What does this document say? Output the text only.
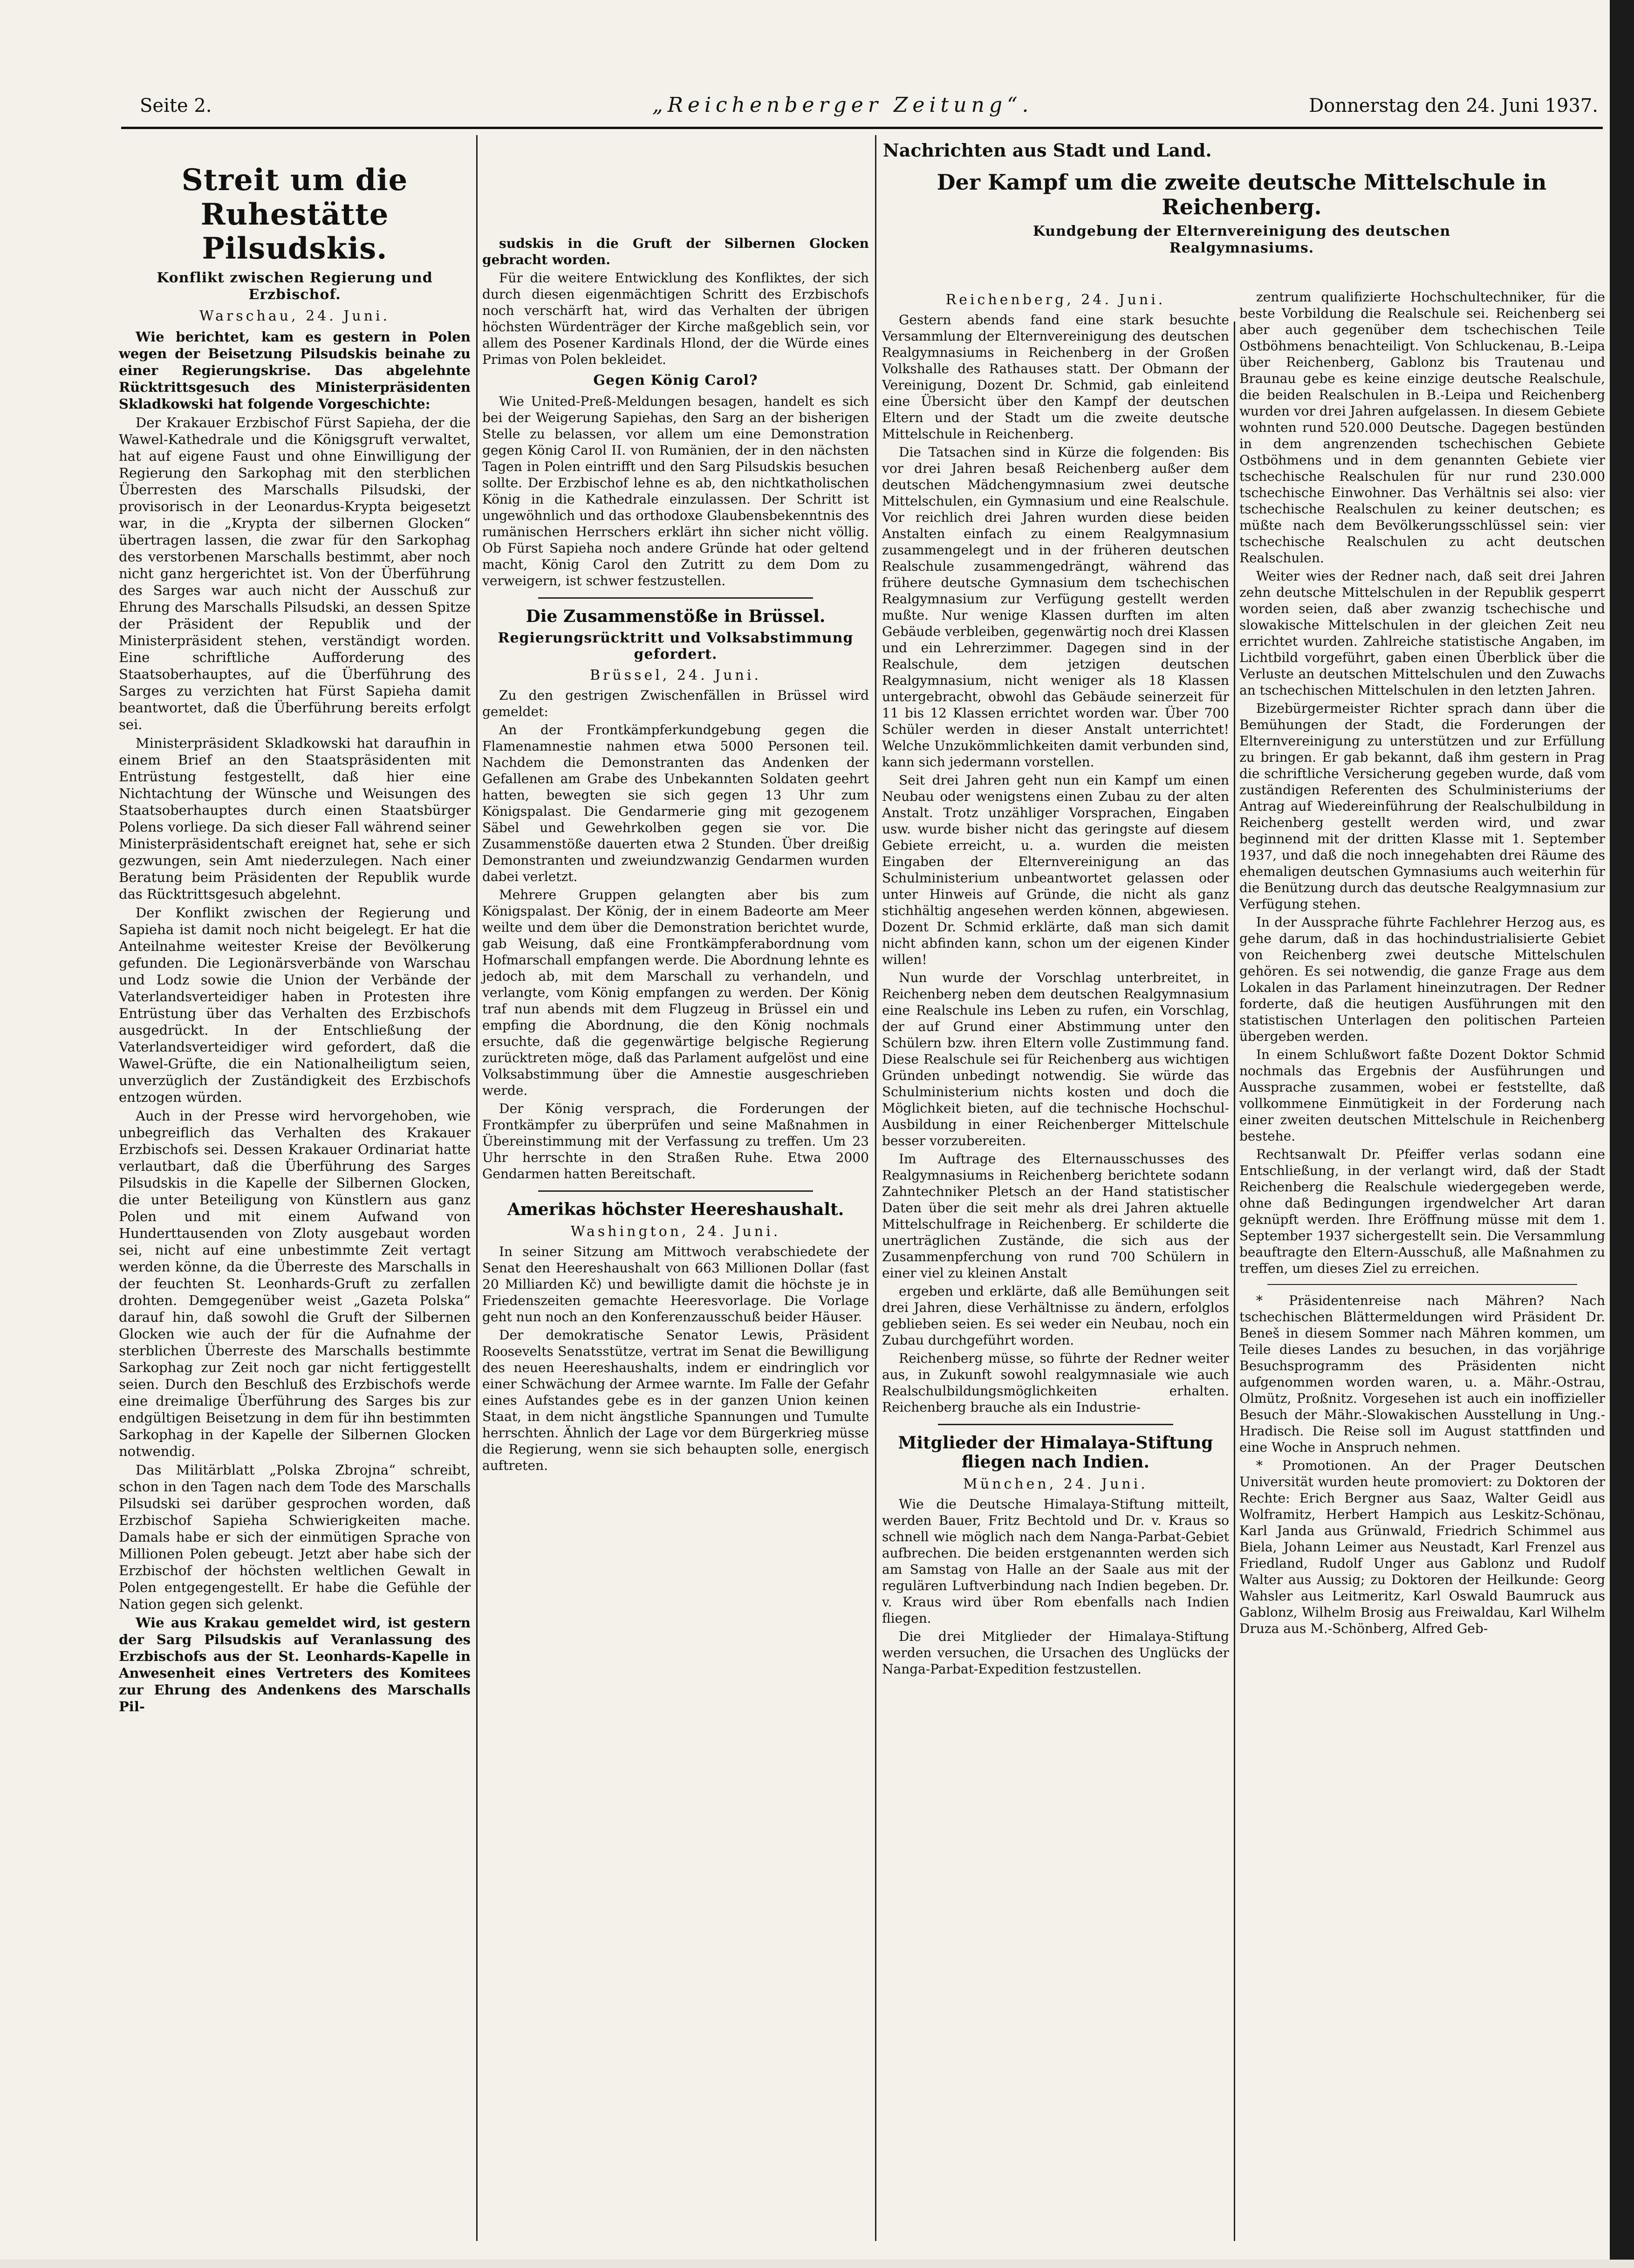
Seite 2.	„Reichenberger Zeitung“.	Donnerstag den 24. Juni 1937.
Streit um die Ruhestätte Pilsudskis.
Konflikt zwischen Regierung und Erzbischof.
Warschau, 24. Juni.

Wie berichtet, kam es gestern in Polen wegen der Beisetzung Pilsudskis beinahe zu einer Regierungskrise. Das abgelehnte Rücktrittsgesuch des Ministerpräsidenten Skladkowski hat folgende Vorgeschichte:

Der Krakauer Erzbischof Fürst Sapieha, der die Wawel-Kathedrale und die Königsgruft verwaltet, hat auf eigene Faust und ohne Einwilligung der Regierung den Sarkophag mit den sterblichen Überresten des Marschalls Pilsudski, der provisorisch in der Leonardus-Krypta beigesetzt war, in die „Krypta der silbernen Glocken“ übertragen lassen, die zwar für den Sarkophag des verstorbenen Marschalls bestimmt, aber noch nicht ganz hergerichtet ist. Von der Überführung des Sarges war auch nicht der Ausschuß zur Ehrung des Marschalls Pilsudski, an dessen Spitze der Präsident der Republik und der Ministerpräsident stehen, verständigt worden. Eine schriftliche Aufforderung des Staatsoberhauptes, auf die Überführung des Sarges zu verzichten hat Fürst Sapieha damit beantwortet, daß die Überführung bereits erfolgt sei.

Ministerpräsident Skladkowski hat daraufhin in einem Brief an den Staatspräsidenten mit Entrüstung festgestellt, daß hier eine Nichtachtung der Wünsche und Weisungen des Staatsoberhauptes durch einen Staatsbürger Polens vorliege. Da sich dieser Fall während seiner Ministerpräsidentschaft ereignet hat, sehe er sich gezwungen, sein Amt niederzulegen. Nach einer Beratung beim Präsidenten der Republik wurde das Rücktrittsgesuch abgelehnt.

Der Konflikt zwischen der Regierung und Sapieha ist damit noch nicht beigelegt. Er hat die Anteilnahme weitester Kreise der Bevölkerung gefunden. Die Legionärsverbände von Warschau und Lodz sowie die Union der Verbände der Vaterlandsverteidiger haben in Protesten ihre Entrüstung über das Verhalten des Erzbischofs ausgedrückt. In der Entschließung der Vaterlandsverteidiger wird gefordert, daß die Wawel-Grüfte, die ein Nationalheiligtum seien, unverzüglich der Zuständigkeit des Erzbischofs entzogen würden.

Auch in der Presse wird hervorgehoben, wie unbegreiflich das Verhalten des Krakauer Erzbischofs sei. Dessen Krakauer Ordinariat hatte verlautbart, daß die Überführung des Sarges Pilsudskis in die Kapelle der Silbernen Glocken, die unter Beteiligung von Künstlern aus ganz Polen und mit einem Aufwand von Hunderttausenden von Zloty ausgebaut worden sei, nicht auf eine unbestimmte Zeit vertagt werden könne, da die Überreste des Marschalls in der feuchten St. Leonhards-Gruft zu zerfallen drohten. Demgegenüber weist „Gazeta Polska“ darauf hin, daß sowohl die Gruft der Silbernen Glocken wie auch der für die Aufnahme der sterblichen Überreste des Marschalls bestimmte Sarkophag zur Zeit noch gar nicht fertiggestellt seien. Durch den Beschluß des Erzbischofs werde eine dreimalige Überführung des Sarges bis zur endgültigen Beisetzung in dem für ihn bestimmten Sarkophag in der Kapelle der Silbernen Glocken notwendig.

Das Militärblatt „Polska Zbrojna“ schreibt, schon in den Tagen nach dem Tode des Marschalls Pilsudski sei darüber gesprochen worden, daß Erzbischof Sapieha Schwierigkeiten mache. Damals habe er sich der einmütigen Sprache von Millionen Polen gebeugt. Jetzt aber habe sich der Erzbischof der höchsten weltlichen Gewalt in Polen entgegengestellt. Er habe die Gefühle der Nation gegen sich gelenkt.

Wie aus Krakau gemeldet wird, ist gestern der Sarg Pilsudskis auf Veranlassung des Erzbischofs aus der St. Leonhards-Kapelle in Anwesenheit eines Vertreters des Komitees zur Ehrung des Andenkens des Marschalls Pil-

sudskis in die Gruft der Silbernen Glocken gebracht worden.

Für die weitere Entwicklung des Konfliktes, der sich durch diesen eigenmächtigen Schritt des Erzbischofs noch verschärft hat, wird das Verhalten der übrigen höchsten Würdenträger der Kirche maßgeblich sein, vor allem des Posener Kardinals Hlond, der die Würde eines Primas von Polen bekleidet.

Gegen König Carol?

Wie United-Preß-Meldungen besagen, handelt es sich bei der Weigerung Sapiehas, den Sarg an der bisherigen Stelle zu belassen, vor allem um eine Demonstration gegen König Carol II. von Rumänien, der in den nächsten Tagen in Polen eintrifft und den Sarg Pilsudskis besuchen sollte. Der Erzbischof lehne es ab, den nichtkatholischen König in die Kathedrale einzulassen. Der Schritt ist ungewöhnlich und das orthodoxe Glaubensbekenntnis des rumänischen Herrschers erklärt ihn sicher nicht völlig. Ob Fürst Sapieha noch andere Gründe hat oder geltend macht, König Carol den Zutritt zu dem Dom zu verweigern, ist schwer festzustellen.

Die Zusammenstöße in Brüssel.
Regierungsrücktritt und Volksabstimmung gefordert.
Brüssel, 24. Juni.

Zu den gestrigen Zwischenfällen in Brüssel wird gemeldet:

An der Frontkämpferkundgebung gegen die Flamenamnestie nahmen etwa 5000 Personen teil. Nachdem die Demonstranten das Andenken der Gefallenen am Grabe des Unbekannten Soldaten geehrt hatten, bewegten sie sich gegen 13 Uhr zum Königspalast. Die Gendarmerie ging mit gezogenem Säbel und Gewehrkolben gegen sie vor. Die Zusammenstöße dauerten etwa 2 Stunden. Über dreißig Demonstranten und zweiundzwanzig Gendarmen wurden dabei verletzt.

Mehrere Gruppen gelangten aber bis zum Königspalast. Der König, der in einem Badeorte am Meer weilte und dem über die Demonstration berichtet wurde, gab Weisung, daß eine Frontkämpferabordnung vom Hofmarschall empfangen werde. Die Abordnung lehnte es jedoch ab, mit dem Marschall zu verhandeln, und verlangte, vom König empfangen zu werden. Der König traf nun abends mit dem Flugzeug in Brüssel ein und empfing die Abordnung, die den König nochmals ersuchte, daß die gegenwärtige belgische Regierung zurücktreten möge, daß das Parlament aufgelöst und eine Volksabstimmung über die Amnestie ausgeschrieben werde.

Der König versprach, die Forderungen der Frontkämpfer zu überprüfen und seine Maßnahmen in Übereinstimmung mit der Verfassung zu treffen. Um 23 Uhr herrschte in den Straßen Ruhe. Etwa 2000 Gendarmen hatten Bereitschaft.

Amerikas höchster Heereshaushalt.
Washington, 24. Juni.

In seiner Sitzung am Mittwoch verabschiedete der Senat den Heereshaushalt von 663 Millionen Dollar (fast 20 Milliarden Kč) und bewilligte damit die höchste je in Friedenszeiten gemachte Heeresvorlage. Die Vorlage geht nun noch an den Konferenzausschuß beider Häuser.

Der demokratische Senator Lewis, Präsident Roosevelts Senatsstütze, vertrat im Senat die Bewilligung des neuen Heereshaushalts, indem er eindringlich vor einer Schwächung der Armee warnte. Im Falle der Gefahr eines Aufstandes gebe es in der ganzen Union keinen Staat, in dem nicht ängstliche Spannungen und Tumulte herrschten. Ähnlich der Lage vor dem Bürgerkrieg müsse die Regierung, wenn sie sich behaupten solle, energisch auftreten.

Nachrichten aus Stadt und Land.
Der Kampf um die zweite deutsche Mittelschule in Reichenberg.
Kundgebung der Elternvereinigung des deutschen Realgymnasiums.
Reichenberg, 24. Juni.

Gestern abends fand eine stark besuchte Versammlung der Elternvereinigung des deutschen Realgymnasiums in Reichenberg in der Großen Volkshalle des Rathauses statt. Der Obmann der Vereinigung, Dozent Dr. Schmid, gab einleitend eine Übersicht über den Kampf der deutschen Eltern und der Stadt um die zweite deutsche Mittelschule in Reichenberg.

Die Tatsachen sind in Kürze die folgenden: Bis vor drei Jahren besaß Reichenberg außer dem deutschen Mädchengymnasium zwei deutsche Mittelschulen, ein Gymnasium und eine Realschule. Vor reichlich drei Jahren wurden diese beiden Anstalten einfach zu einem Realgymnasium zusammengelegt und in der früheren deutschen Realschule zusammengedrängt, während das frühere deutsche Gymnasium dem tschechischen Realgymnasium zur Verfügung gestellt werden mußte. Nur wenige Klassen durften im alten Gebäude verbleiben, gegenwärtig noch drei Klassen und ein Lehrerzimmer. Dagegen sind in der Realschule, dem jetzigen deutschen Realgymnasium, nicht weniger als 18 Klassen untergebracht, obwohl das Gebäude seinerzeit für 11 bis 12 Klassen errichtet worden war. Über 700 Schüler werden in dieser Anstalt unterrichtet! Welche Unzukömmlichkeiten damit verbunden sind, kann sich jedermann vorstellen.

Seit drei Jahren geht nun ein Kampf um einen Neubau oder wenigstens einen Zubau zu der alten Anstalt. Trotz unzähliger Vorsprachen, Eingaben usw. wurde bisher nicht das geringste auf diesem Gebiete erreicht, u. a. wurden die meisten Eingaben der Elternvereinigung an das Schulministerium unbeantwortet gelassen oder unter Hinweis auf Gründe, die nicht als ganz stichhältig angesehen werden können, abgewiesen. Dozent Dr. Schmid erklärte, daß man sich damit nicht abfinden kann, schon um der eigenen Kinder willen!

Nun wurde der Vorschlag unterbreitet, in Reichenberg neben dem deutschen Realgymnasium eine Realschule ins Leben zu rufen, ein Vorschlag, der auf Grund einer Abstimmung unter den Schülern bzw. ihren Eltern volle Zustimmung fand. Diese Realschule sei für Reichenberg aus wichtigen Gründen unbedingt notwendig. Sie würde das Schulministerium nichts kosten und doch die Möglichkeit bieten, auf die technische Hochschul-Ausbildung in einer Reichenberger Mittelschule besser vorzubereiten.

Im Auftrage des Elternausschusses des Realgymnasiums in Reichenberg berichtete sodann Zahntechniker Pletsch an der Hand statistischer Daten über die seit mehr als drei Jahren aktuelle Mittelschulfrage in Reichenberg. Er schilderte die unerträglichen Zustände, die sich aus der Zusammenpferchung von rund 700 Schülern in einer viel zu kleinen Anstalt

ergeben und erklärte, daß alle Bemühungen seit drei Jahren, diese Verhältnisse zu ändern, erfolglos geblieben seien. Es sei weder ein Neubau, noch ein Zubau durchgeführt worden.

Reichenberg müsse, so führte der Redner weiter aus, in Zukunft sowohl realgymnasiale wie auch Realschulbildungsmöglichkeiten erhalten. Reichenberg brauche als ein Industrie-

Mitglieder der Himalaya-Stiftung fliegen nach Indien.
München, 24. Juni.

Wie die Deutsche Himalaya-Stiftung mitteilt, werden Bauer, Fritz Bechtold und Dr. v. Kraus so schnell wie möglich nach dem Nanga-Parbat-Gebiet aufbrechen. Die beiden erstgenannten werden sich am Samstag von Halle an der Saale aus mit der regulären Luftverbindung nach Indien begeben. Dr. v. Kraus wird über Rom ebenfalls nach Indien fliegen.

Die drei Mitglieder der Himalaya-Stiftung werden versuchen, die Ursachen des Unglücks der Nanga-Parbat-Expedition festzustellen.

zentrum qualifizierte Hochschultechniker, für die beste Vorbildung die Realschule sei. Reichenberg sei aber auch gegenüber dem tschechischen Teile Ostböhmens benachteiligt. Von Schluckenau, B.-Leipa über Reichenberg, Gablonz bis Trautenau und Braunau gebe es keine einzige deutsche Realschule, die beiden Realschulen in B.-Leipa und Reichenberg wurden vor drei Jahren aufgelassen. In diesem Gebiete wohnten rund 520.000 Deutsche. Dagegen bestünden in dem angrenzenden tschechischen Gebiete Ostböhmens und in dem genannten Gebiete vier tschechische Realschulen für nur rund 230.000 tschechische Einwohner. Das Verhältnis sei also: vier tschechische Realschulen zu keiner deutschen; es müßte nach dem Bevölkerungsschlüssel sein: vier tschechische Realschulen zu acht deutschen Realschulen.

Weiter wies der Redner nach, daß seit drei Jahren zehn deutsche Mittelschulen in der Republik gesperrt worden seien, daß aber zwanzig tschechische und slowakische Mittelschulen in der gleichen Zeit neu errichtet wurden. Zahlreiche statistische Angaben, im Lichtbild vorgeführt, gaben einen Überblick über die Verluste an deutschen Mittelschulen und den Zuwachs an tschechischen Mittelschulen in den letzten Jahren.

Bizebürgermeister Richter sprach dann über die Bemühungen der Stadt, die Forderungen der Elternvereinigung zu unterstützen und zur Erfüllung zu bringen. Er gab bekannt, daß ihm gestern in Prag die schriftliche Versicherung gegeben wurde, daß vom zuständigen Referenten des Schulministeriums der Antrag auf Wiedereinführung der Realschulbildung in Reichenberg gestellt werden wird, und zwar beginnend mit der dritten Klasse mit 1. September 1937, und daß die noch innegehabten drei Räume des ehemaligen deutschen Gymnasiums auch weiterhin für die Benützung durch das deutsche Realgymnasium zur Verfügung stehen.

In der Aussprache führte Fachlehrer Herzog aus, es gehe darum, daß in das hochindustrialisierte Gebiet von Reichenberg zwei deutsche Mittelschulen gehören. Es sei notwendig, die ganze Frage aus dem Lokalen in das Parlament hineinzutragen. Der Redner forderte, daß die heutigen Ausführungen mit den statistischen Unterlagen den politischen Parteien übergeben werden.

In einem Schlußwort faßte Dozent Doktor Schmid nochmals das Ergebnis der Ausführungen und Aussprache zusammen, wobei er feststellte, daß vollkommene Einmütigkeit in der Forderung nach einer zweiten deutschen Mittelschule in Reichenberg bestehe.

Rechtsanwalt Dr. Pfeiffer verlas sodann eine Entschließung, in der verlangt wird, daß der Stadt Reichenberg die Realschule wiedergegeben werde, ohne daß Bedingungen irgendwelcher Art daran geknüpft werden. Ihre Eröffnung müsse mit dem 1. September 1937 sichergestellt sein. Die Versammlung beauftragte den Eltern-Ausschuß, alle Maßnahmen zu treffen, um dieses Ziel zu erreichen.

* Präsidentenreise nach Mähren? Nach tschechischen Blättermeldungen wird Präsident Dr. Beneš in diesem Sommer nach Mähren kommen, um Teile dieses Landes zu besuchen, in das vorjährige Besuchsprogramm des Präsidenten nicht aufgenommen worden waren, u. a. Mähr.-Ostrau, Olmütz, Proßnitz. Vorgesehen ist auch ein inoffizieller Besuch der Mähr.-Slowakischen Ausstellung in Ung.-Hradisch. Die Reise soll im August stattfinden und eine Woche in Anspruch nehmen.

* Promotionen. An der Prager Deutschen Universität wurden heute promoviert: zu Doktoren der Rechte: Erich Bergner aus Saaz, Walter Geidl aus Wolframitz, Herbert Hampich aus Leskitz-Schönau, Karl Janda aus Grünwald, Friedrich Schimmel aus Biela, Johann Leimer aus Neustadt, Karl Frenzel aus Friedland, Rudolf Unger aus Gablonz und Rudolf Walter aus Aussig; zu Doktoren der Heilkunde: Georg Wahsler aus Leitmeritz, Karl Oswald Baumruck aus Gablonz, Wilhelm Brosig aus Freiwaldau, Karl Wilhelm Druza aus M.-Schönberg, Alfred Geb-
